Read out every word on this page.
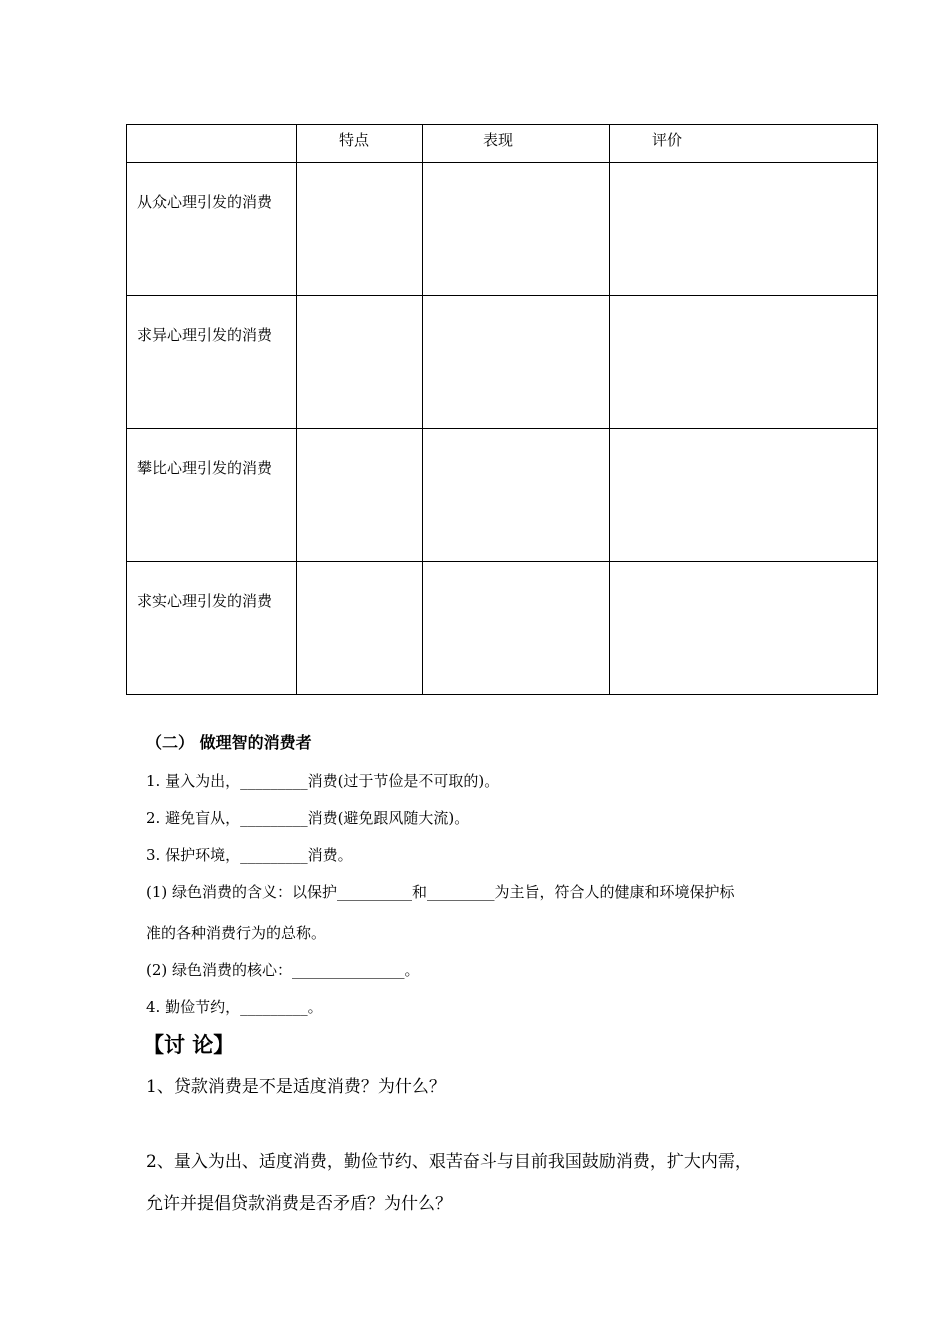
	特点	表现	评价

从众心理引发的消费			

求异心理引发的消费			

攀比心理引发的消费			

求实心理引发的消费			

（二） 做理智的消费者
1. 量入为出，_________消费(过于节俭是不可取的)。
2. 避免盲从，_________消费(避免跟风随大流)。
3. 保护环境，_________消费。
(1) 绿色消费的含义：以保护__________和_________为主旨，符合人的健康和环境保护标
准的各种消费行为的总称。
(2) 绿色消费的核心：_______________。
4. 勤俭节约，_________。
【讨 论】
1、贷款消费是不是适度消费？为什么？
2、量入为出、适度消费，勤俭节约、艰苦奋斗与目前我国鼓励消费，扩大内需，
允许并提倡贷款消费是否矛盾？为什么？
